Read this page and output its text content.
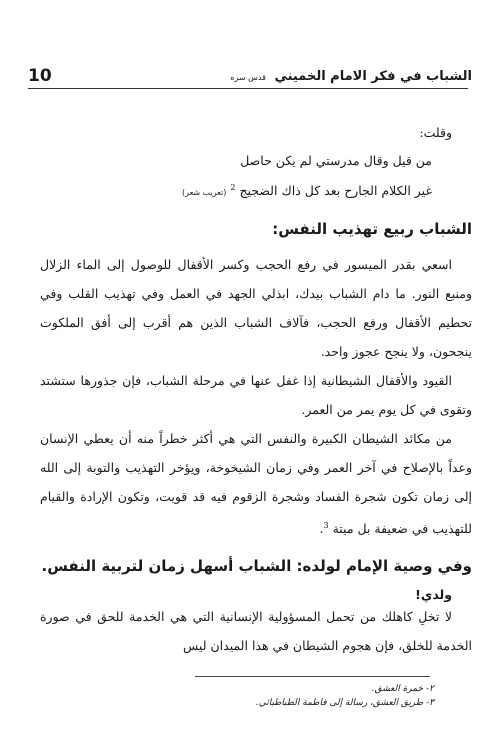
10	الشباب في فكر الامام الخميني قدس سره
وقلت:
من قيل وقال مدرستي لم يكن حاصل
غير الكلام الجارح بعد كل ذاك الضجيج $^2$ (تعريب شعر)
الشباب ربيع تهذيب النفس:

اسعي بقدر الميسور في رفع الحجب وكسر الأقفال للوصول إلى الماء الزلال ومنبع النور. ما دام الشباب بيدك، ابذلي الجهد في العمل وفي تهذيب القلب وفي تحطيم الأقفال ورفع الحجب، فآلاف الشباب الذين هم أقرب إلى أفق الملكوت ينجحون، ولا ينجح عجوز واحد.

القيود والأقفال الشيطانية إذا غفل عنها في مرحلة الشباب، فإن جذورها ستشتد وتقوى في كل يوم يمر من العمر.

من مكائد الشيطان الكبيرة والنفس التي هي أكثر خطراً منه أن يعطي الإنسان وعداً بالإصلاح في آخر العمر وفي زمان الشيخوخة، ويؤخر التهذيب والتوبة إلى الله إلى زمان تكون شجرة الفساد وشجرة الزقوم فيه قد قويت، وتكون الإرادة والقيام للتهذيب في ضعيفة بل ميتة $^3$.

وفي وصية الإمام لولده: الشباب أسهل زمان لتربية النفس.
ولدي!

لا تخلِ كاهلك من تحمل المسؤولية الإنسانية التي هي الخدمة للحق في صورة الخدمة للخلق، فإن هجوم الشيطان في هذا الميدان ليس

٢- خمرة العشق.
٣- طريق العشق، رسالة إلى فاطمة الطباطبائي.
